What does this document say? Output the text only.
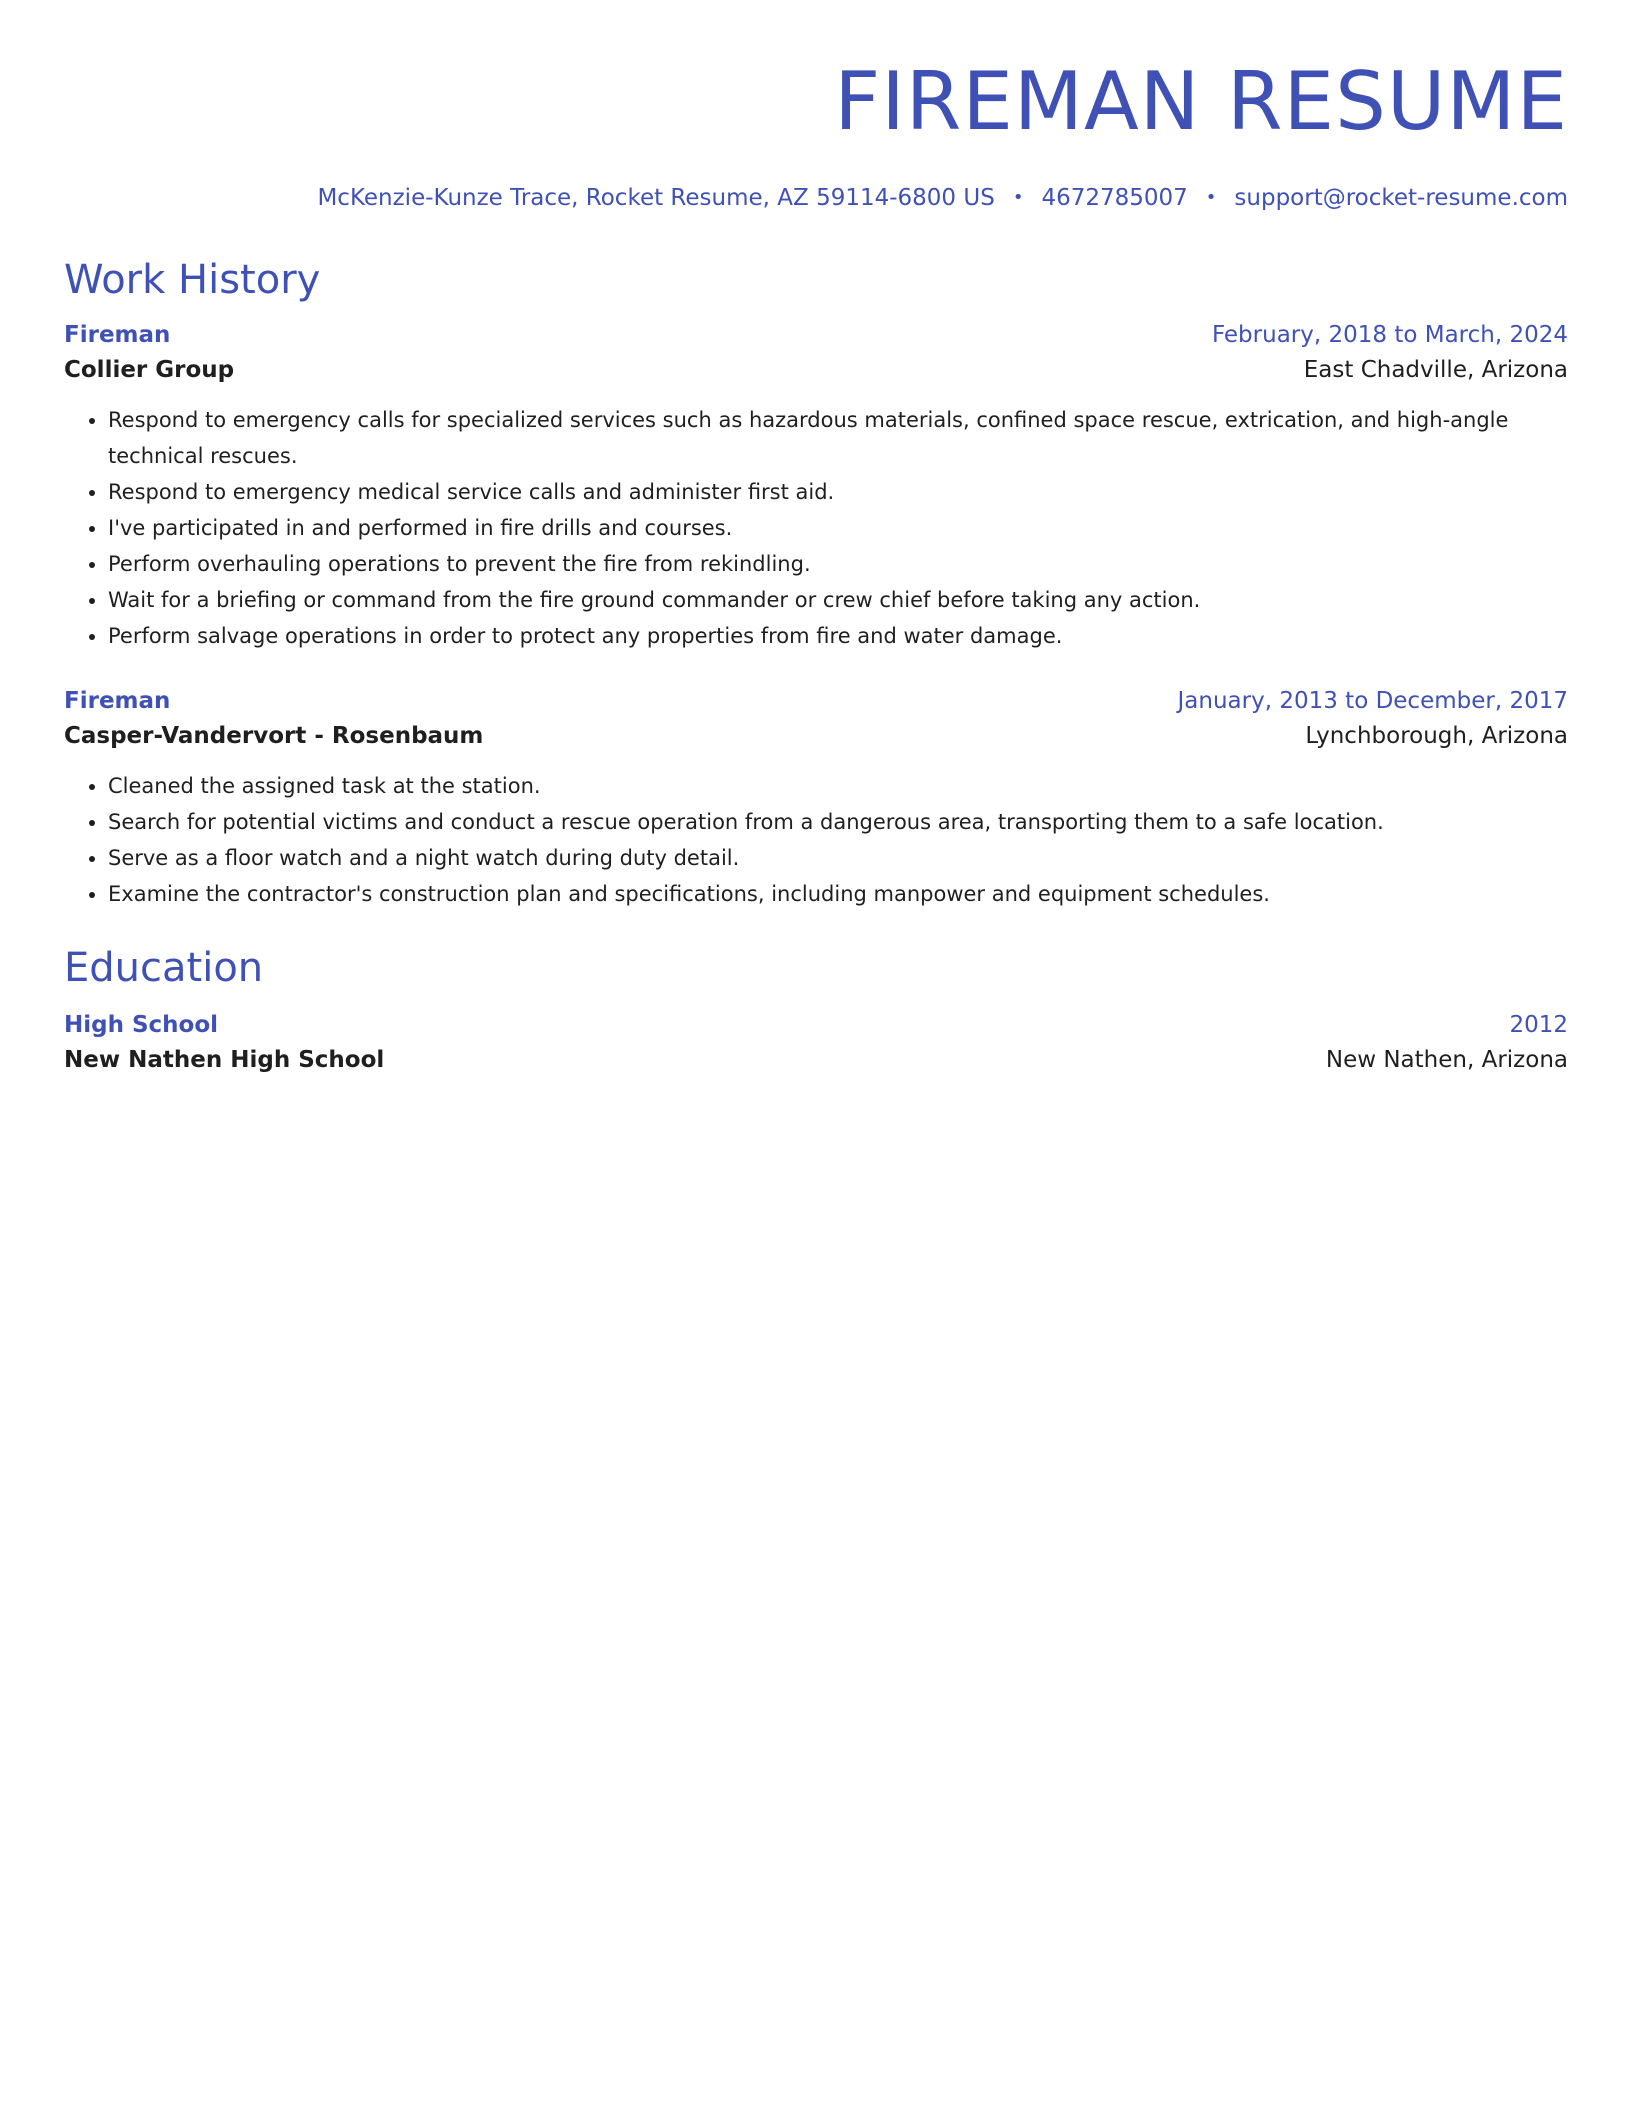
FIREMAN RESUME
McKenzie-Kunze Trace, Rocket Resume, AZ 59114-6800 US • 4672785007 • support@rocket-resume.com
Work History
Fireman	February, 2018 to March, 2024
Collier Group	East Chadville, Arizona
• Respond to emergency calls for specialized services such as hazardous materials, confined space rescue, extrication, and high-angle technical rescues.
• Respond to emergency medical service calls and administer first aid.
• I've participated in and performed in fire drills and courses.
• Perform overhauling operations to prevent the fire from rekindling.
• Wait for a briefing or command from the fire ground commander or crew chief before taking any action.
• Perform salvage operations in order to protect any properties from fire and water damage.
Fireman	January, 2013 to December, 2017
Casper-Vandervort - Rosenbaum	Lynchborough, Arizona
• Cleaned the assigned task at the station.
• Search for potential victims and conduct a rescue operation from a dangerous area, transporting them to a safe location.
• Serve as a floor watch and a night watch during duty detail.
• Examine the contractor's construction plan and specifications, including manpower and equipment schedules.
Education
High School	2012
New Nathen High School	New Nathen, Arizona
